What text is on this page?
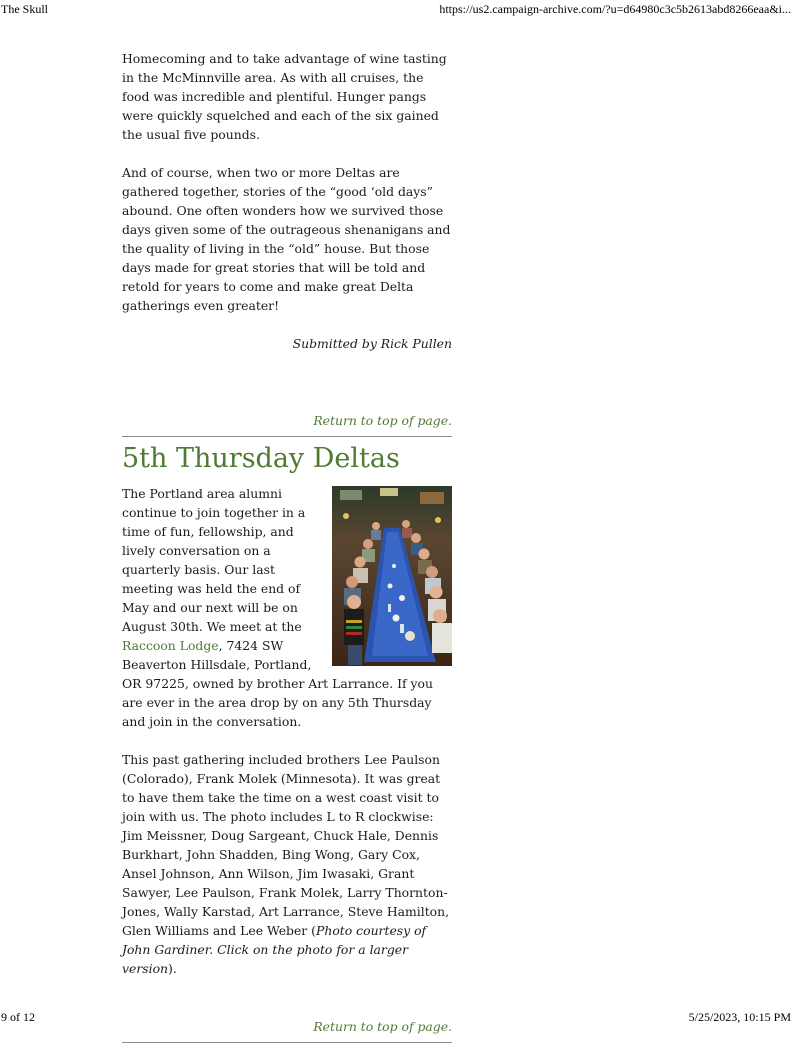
The Skull	https://us2.campaign-archive.com/?u=d64980c3c5b2613abd8266eaa&i...

Homecoming and to take advantage of wine tasting in the McMinnville area. As with all cruises, the food was incredible and plentiful. Hunger pangs were quickly squelched and each of the six gained the usual five pounds.

And of course, when two or more Deltas are gathered together, stories of the “good ‘old days” abound. One often wonders how we survived those days given some of the outrageous shenanigans and the quality of living in the “old” house. But those days made for great stories that will be told and retold for years to come and make great Delta gatherings even greater!

Submitted by Rick Pullen

Return to top of page.
5th Thursday Deltas

The Portland area alumni continue to join together in a time of fun, fellowship, and lively conversation on a quarterly basis. Our last meeting was held the end of May and our next will be on August 30th. We meet at the Raccoon Lodge, 7424 SW Beaverton Hillsdale, Portland, OR 97225, owned by brother Art Larrance. If you are ever in the area drop by on any 5th Thursday and join in the conversation.

This past gathering included brothers Lee Paulson (Colorado), Frank Molek (Minnesota). It was great to have them take the time on a west coast visit to join with us. The photo includes L to R clockwise: Jim Meissner, Doug Sargeant, Chuck Hale, Dennis Burkhart, John Shadden, Bing Wong, Gary Cox, Ansel Johnson, Ann Wilson, Jim Iwasaki, Grant Sawyer, Lee Paulson, Frank Molek, Larry Thornton-Jones, Wally Karstad, Art Larrance, Steve Hamilton, Glen Williams and Lee Weber (Photo courtesy of John Gardiner. Click on the photo for a larger version).

Return to top of page.
9 of 12	5/25/2023, 10:15 PM
